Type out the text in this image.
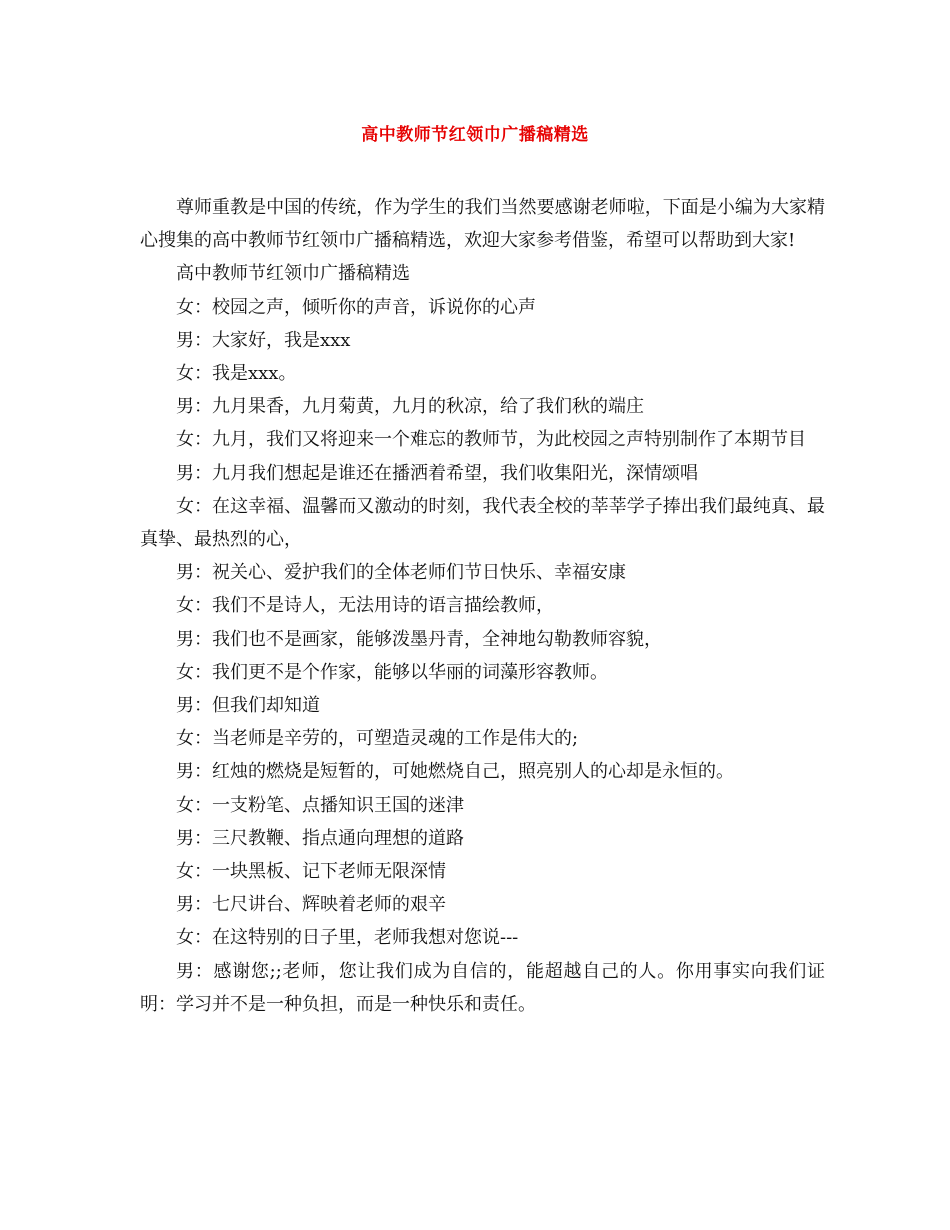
高中教师节红领巾广播稿精选

尊师重教是中国的传统，作为学生的我们当然要感谢老师啦，下面是小编为大家精心搜集的高中教师节红领巾广播稿精选，欢迎大家参考借鉴，希望可以帮助到大家!

高中教师节红领巾广播稿精选

女：校园之声，倾听你的声音，诉说你的心声

男：大家好，我是xxx

女：我是xxx。

男：九月果香，九月菊黄，九月的秋凉，给了我们秋的端庄

女：九月，我们又将迎来一个难忘的教师节，为此校园之声特别制作了本期节目

男：九月我们想起是谁还在播洒着希望，我们收集阳光，深情颂唱

女：在这幸福、温馨而又激动的时刻，我代表全校的莘莘学子捧出我们最纯真、最真挚、最热烈的心，

男：祝关心、爱护我们的全体老师们节日快乐、幸福安康

女：我们不是诗人，无法用诗的语言描绘教师，

男：我们也不是画家，能够泼墨丹青，全神地勾勒教师容貌，

女：我们更不是个作家，能够以华丽的词藻形容教师。

男：但我们却知道

女：当老师是辛劳的，可塑造灵魂的工作是伟大的;

男：红烛的燃烧是短暂的，可她燃烧自己，照亮别人的心却是永恒的。

女：一支粉笔、点播知识王国的迷津

男：三尺教鞭、指点通向理想的道路

女：一块黑板、记下老师无限深情

男：七尺讲台、辉映着老师的艰辛

女：在这特别的日子里，老师我想对您说---

男：感谢您;;老师，您让我们成为自信的，能超越自己的人。你用事实向我们证明：学习并不是一种负担，而是一种快乐和责任。
